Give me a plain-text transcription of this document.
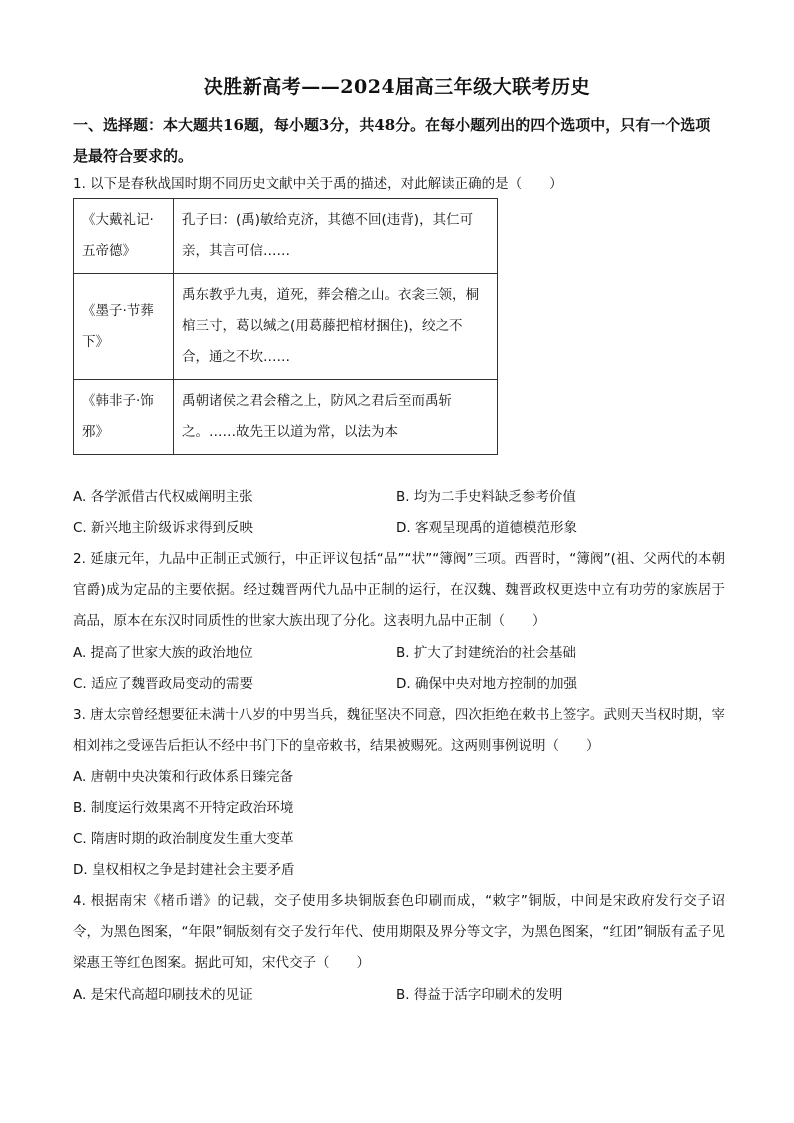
决胜新高考——2024届高三年级大联考历史
一、选择题：本大题共16题，每小题3分，共48分。在每小题列出的四个选项中，只有一个选项是最符合要求的。
1. 以下是春秋战国时期不同历史文献中关于禹的描述，对此解读正确的是（　　）
《大戴礼记·五帝德》	孔子曰：(禹)敏给克济，其德不回(违背)，其仁可亲，其言可信……
《墨子·节葬下》	禹东教乎九夷，道死，葬会稽之山。衣衾三领，桐棺三寸，葛以缄之(用葛藤把棺材捆住)，绞之不合，通之不坎……
《韩非子·饰邪》	禹朝诸侯之君会稽之上，防风之君后至而禹斩之。……故先王以道为常，以法为本
A. 各学派借古代权威阐明主张	B. 均为二手史料缺乏参考价值
C. 新兴地主阶级诉求得到反映	D. 客观呈现禹的道德模范形象
2. 延康元年，九品中正制正式颁行，中正评议包括“品”“状”“簿阀”三项。西晋时，“簿阀”(祖、父两代的本朝官爵)成为定品的主要依据。经过魏晋两代九品中正制的运行，在汉魏、魏晋政权更迭中立有功劳的家族居于高品，原本在东汉时同质性的世家大族出现了分化。这表明九品中正制（　　）
A. 提高了世家大族的政治地位	B. 扩大了封建统治的社会基础
C. 适应了魏晋政局变动的需要	D. 确保中央对地方控制的加强
3. 唐太宗曾经想要征未满十八岁的中男当兵，魏征坚决不同意，四次拒绝在敕书上签字。武则天当权时期，宰相刘祎之受诬告后拒认不经中书门下的皇帝敕书，结果被赐死。这两则事例说明（　　）
A. 唐朝中央决策和行政体系日臻完备
B. 制度运行效果离不开特定政治环境
C. 隋唐时期的政治制度发生重大变革
D. 皇权相权之争是封建社会主要矛盾
4. 根据南宋《楮币谱》的记载，交子使用多块铜版套色印刷而成，“敕字”铜版，中间是宋政府发行交子诏令，为黑色图案，“年限”铜版刻有交子发行年代、使用期限及界分等文字，为黑色图案，“红团”铜版有孟子见梁惠王等红色图案。据此可知，宋代交子（　　）
A. 是宋代高超印刷技术的见证	B. 得益于活字印刷术的发明
